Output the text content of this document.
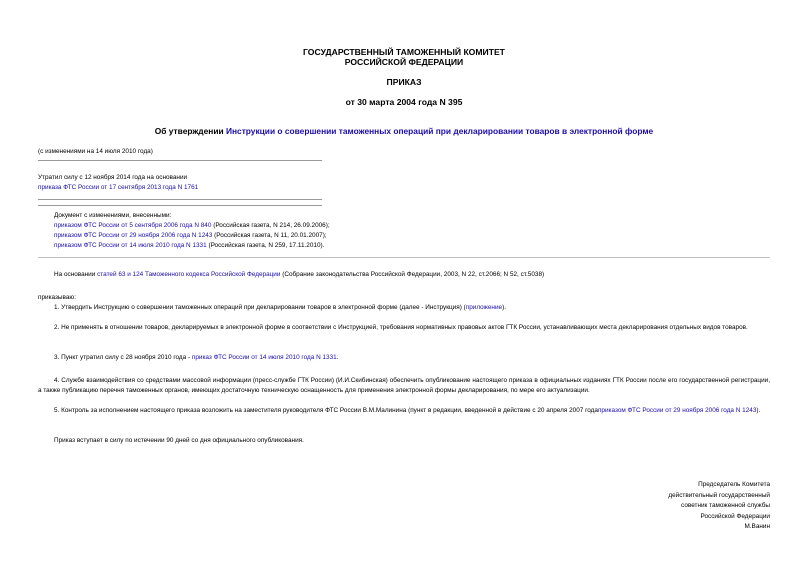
ГОСУДАРСТВЕННЫЙ ТАМОЖЕННЫЙ КОМИТЕТ
РОССИЙСКОЙ ФЕДЕРАЦИИ
ПРИКАЗ
от 30 марта 2004 года N 395
Об утверждении Инструкции о совершении таможенных операций при декларировании товаров в электронной форме
(с изменениями на 14 июля 2010 года)
Утратил силу с 12 ноября 2014 года на основании
приказа ФТС России от 17 сентября 2013 года N 1761
Документ с изменениями, внесенными:
приказом ФТС России от 5 сентября 2006 года N 840 (Российская газета, N 214, 26.09.2006);
приказом ФТС России от 29 ноября 2006 года N 1243 (Российская газета, N 11, 20.01.2007);
приказом ФТС России от 14 июля 2010 года N 1331 (Российская газета, N 259, 17.11.2010).
На основании статей 63 и 124 Таможенного кодекса Российской Федерации (Собрание законодательства Российской Федерации, 2003, N 22, ст.2066; N 52, ст.5038)
приказываю:
1. Утвердить Инструкцию о совершении таможенных операций при декларировании товаров в электронной форме (далее - Инструкция) (приложение).
2. Не применять в отношении товаров, декларируемых в электронной форме в соответствии с Инструкцией, требования нормативных правовых актов ГТК России, устанавливающих места декларирования отдельных видов товаров.
3. Пункт утратил силу с 28 ноября 2010 года - приказ ФТС России от 14 июля 2010 года N 1331.
4. Службе взаимодействия со средствами массовой информации (пресс-службе ГТК России) (И.И.Скибинская) обеспечить опубликование настоящего приказа в официальных изданиях ГТК России после его государственной регистрации, а также публикацию перечня таможенных органов, имеющих достаточную техническую оснащенность для применения электронной формы декларирования, по мере его актуализации.
5. Контроль за исполнением настоящего приказа возложить на заместителя руководителя ФТС России В.М.Малинина (пункт в редакции, введенной в действие с 20 апреля 2007 годаприказом ФТС России от 29 ноября 2006 года N 1243).
Приказ вступает в силу по истечении 90 дней со дня официального опубликования.
Председатель Комитета
действительный государственный
советник таможенной службы
Российской Федерации
М.Ванин
